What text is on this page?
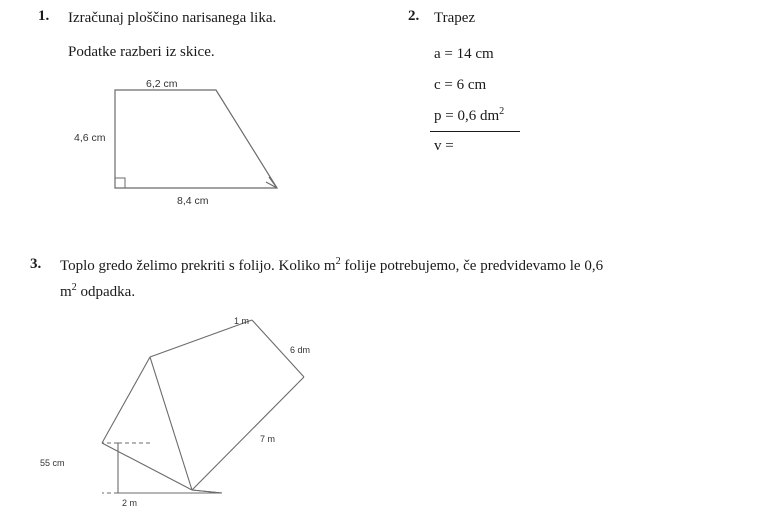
1. Izračunaj ploščino narisanega lika.
Podatke razberi iz skice.
6,2 cm
4,6 cm
8,4 cm
2. Trapez
a = 14 cm
c = 6 cm
p = 0,6 $dm^2$
v =
3. Toplo gredo želimo prekriti s folijo. Koliko $m^2$ folije potrebujemo, če predvidevamo le 0,6
$m^2$ odpadka.
1 m
6 dm
7 m
55 cm
2 m
